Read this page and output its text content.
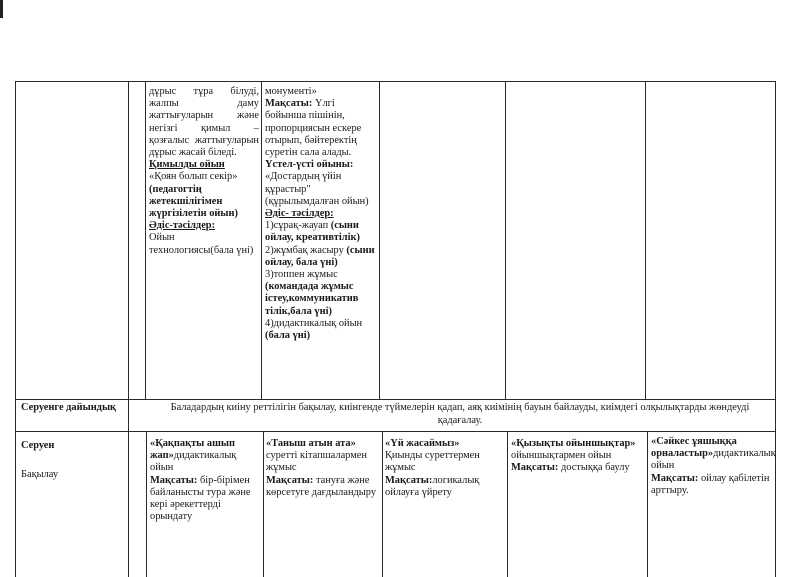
дұрыс тұра білуді, жалпы даму жаттығуларын және негізгі қимыл – қозғалыс жаттығуларын дұрыс жасай біледі.

Қимылды ойын

«Қоян болып секір»

(педагогтің жетекшілігімен жүргізілетін ойын)

Әдіс-тәсілдер:

Ойын технологиясы(бала үні)

монументі»

Мақсаты: Үлгі бойынша пішінін, пропорциясын ескере отырып, бәйтеректің суретін сала алады.

Үстел-үсті ойыны:

«Достардың үйін құрастыр"

(құрылымдалған ойын)

Әдіс- тәсілдер:

1)сұрақ-жауап (сыни ойлау, креативтілік)

2)жұмбақ жасыру (сыни ойлау, бала үні)

3)топпен жұмыс (командада жұмыс істеу,коммуникатив тілік,бала үні)

4)дидактикалық ойын (бала үні)

Серуенге дайындық	Баладардың киіну реттілігін бақылау, киінгенде түймелерін қадап, аяқ киімінің бауын байлауды, киімдегі олқылықтарды жөндеуді қадағалау.
Серуен
Бақылау

«Қақпақты ашып жап»дидактикалық ойын

Мақсаты: бір-бірімен байланысты тура және кері әрекеттерді орындату

«Таныш атын ата» суретті кітапшалармен жұмыс

Мақсаты: тануға және көрсетуге дағдыландыру

«Үй жасаймыз»

Қиынды суреттермен жұмыс

Мақсаты:логикалық ойлауға үйрету

«Қызықты ойыншықтар»

ойыншықтармен ойын

Мақсаты: достыққа баулу

«Сәйкес ұяшыққа орналастыр»дидактикалық ойын

Мақсаты: ойлау қабілетін арттыру.
